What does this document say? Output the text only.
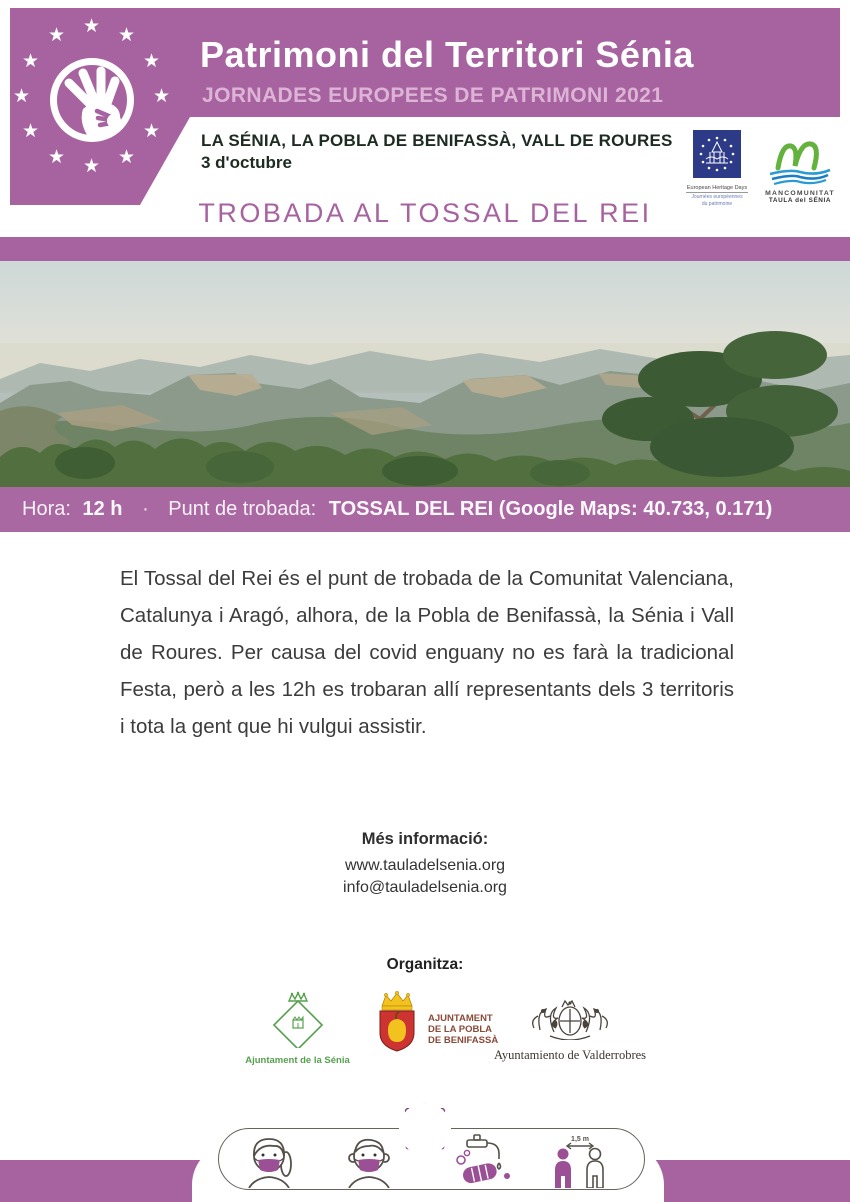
★ ★
★
★
★
★
★
★
★
★
★
★	Patrimoni del Territori Sénia
JORNADES EUROPEES DE PATRIMONI 2021
LA SÉNIA, LA POBLA DE BENIFASSÀ, VALL DE ROURES
3 d'octubre
European Heritage Days
Journées européennes
du patrimoine
MANCOMUNITAT
TAULA del SÉNIA
TROBADA AL TOSSAL DEL REI
Hora: 12 h · Punt de trobada: TOSSAL DEL REI (Google Maps: 40.733, 0.171)
El Tossal del Rei és el punt de trobada de la Comunitat Valenciana, Catalunya i Aragó, alhora, de la Pobla de Benifassà, la Sénia i Vall de Roures. Per causa del covid enguany no es farà la tradicional Festa, però a les 12h es trobaran allí representants dels 3 territoris i tota la gent que hi vulgui assistir.
Més informació:
www.tauladelsenia.org
info@tauladelsenia.org
Organitza:
Ajuntament de la Sénia
AJUNTAMENT
DE LA POBLA
DE BENIFASSÀ
Ayuntamiento de Valderrobres
1,5 m
